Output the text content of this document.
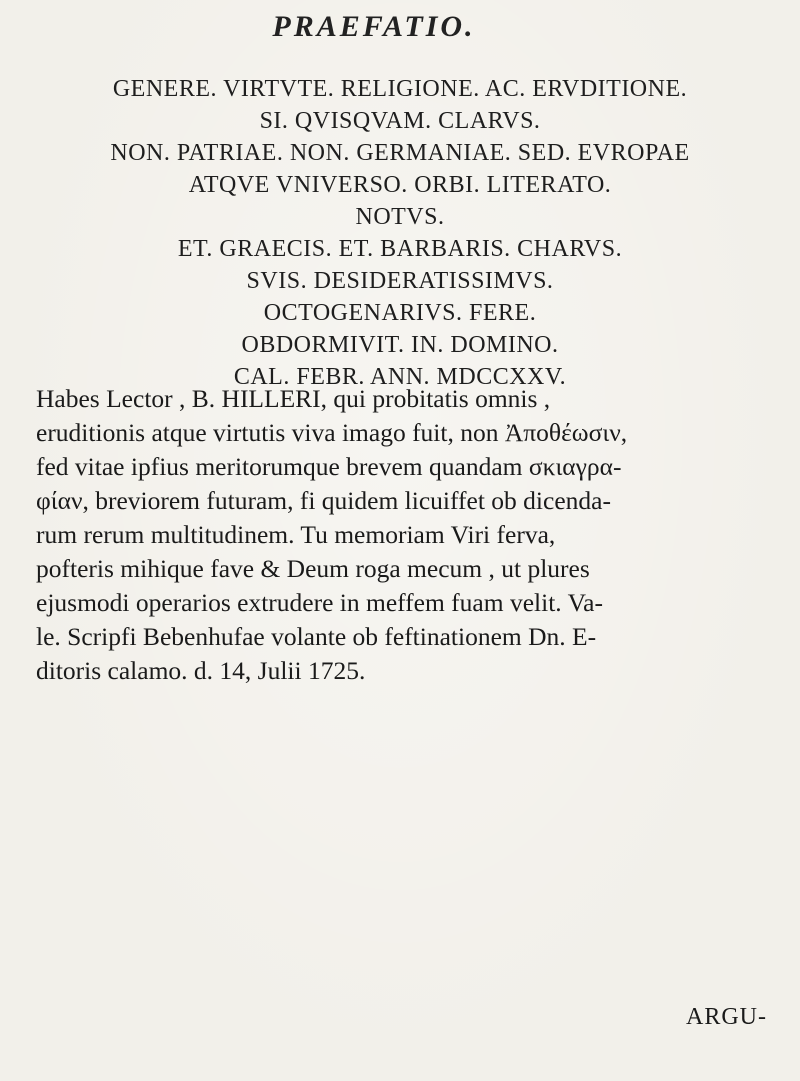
PRAEFATIO.
GENERE. VIRTVTE. RELIGIONE. AC. ERVDITIONE.
SI. QVISQVAM. CLARVS.
NON. PATRIAE. NON. GERMANIAE. SED. EVROPAE
ATQVE VNIVERSO. ORBI. LITERATO.
NOTVS.
ET. GRAECIS. ET. BARBARIS. CHARVS.
SVIS. DESIDERATISSIMVS.
OCTOGENARIVS. FERE.
OBDORMIVIT. IN. DOMINO.
CAL. FEBR. ANN. MDCCXXV.
Habes Lector , B. HILLERI, qui probitatis omnis ,
eruditionis atque virtutis viva imago fuit, non Ἀποθέωσιν,
fed vitae ipfius meritorumque brevem quandam σκιαγρα-
φίαν, breviorem futuram, fi quidem licuiffet ob dicenda-
rum rerum multitudinem. Tu memoriam Viri ferva,
pofteris mihique fave & Deum roga mecum , ut plures
ejusmodi operarios extrudere in meffem fuam velit. Va-
le. Scripfi Bebenhufae volante ob feftinationem Dn. E-
ditoris calamo. d. 14, Julii 1725.
ARGU-
